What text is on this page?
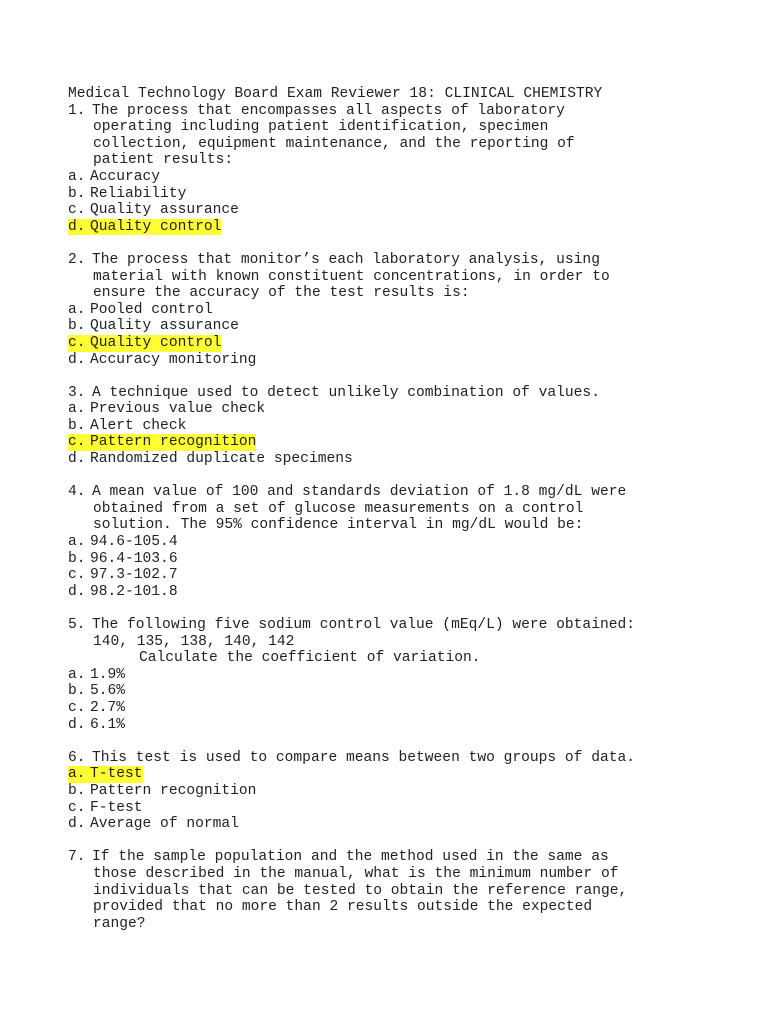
Medical Technology Board Exam Reviewer 18: CLINICAL CHEMISTRY
1. The process that encompasses all aspects of laboratory
operating including patient identification, specimen
collection, equipment maintenance, and the reporting of
patient results:
a. Accuracy
b. Reliability
c. Quality assurance
d. Quality control
2. The process that monitor’s each laboratory analysis, using
material with known constituent concentrations, in order to
ensure the accuracy of the test results is:
a. Pooled control
b. Quality assurance
c. Quality control
d. Accuracy monitoring
3. A technique used to detect unlikely combination of values.
a. Previous value check
b. Alert check
c. Pattern recognition
d. Randomized duplicate specimens
4. A mean value of 100 and standards deviation of 1.8 mg/dL were
obtained from a set of glucose measurements on a control
solution. The 95% confidence interval in mg/dL would be:
a. 94.6-105.4
b. 96.4-103.6
c. 97.3-102.7
d. 98.2-101.8
5. The following five sodium control value (mEq/L) were obtained:
140, 135, 138, 140, 142
Calculate the coefficient of variation.
a. 1.9%
b. 5.6%
c. 2.7%
d. 6.1%
6. This test is used to compare means between two groups of data.
a. T-test
b. Pattern recognition
c. F-test
d. Average of normal
7. If the sample population and the method used in the same as
those described in the manual, what is the minimum number of
individuals that can be tested to obtain the reference range,
provided that no more than 2 results outside the expected
range?
